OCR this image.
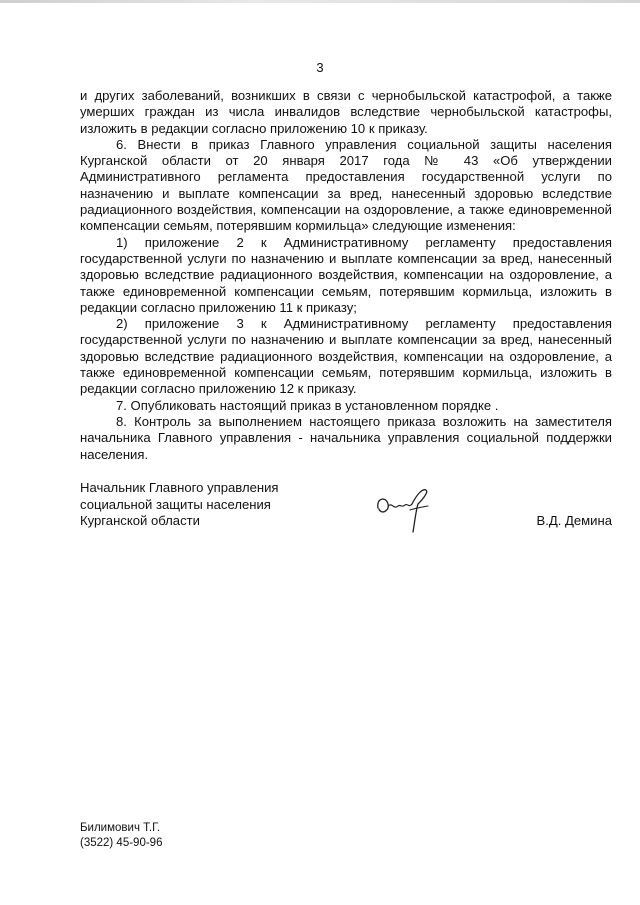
3

и других заболеваний, возникших в связи с чернобыльской катастрофой, а также умерших граждан из числа инвалидов вследствие чернобыльской катастрофы, изложить в редакции согласно приложению 10 к приказу.

6. Внести в приказ Главного управления социальной защиты населения Курганской области от 20 января 2017 года № 43 «Об утверждении Административного регламента предоставления государственной услуги по назначению и выплате компенсации за вред, нанесенный здоровью вследствие радиационного воздействия, компенсации на оздоровление, а также единовременной компенсации семьям, потерявшим кормильца» следующие изменения:

1) приложение 2 к Административному регламенту предоставления государственной услуги по назначению и выплате компенсации за вред, нанесенный здоровью вследствие радиационного воздействия, компенсации на оздоровление, а также единовременной компенсации семьям, потерявшим кормильца, изложить в редакции согласно приложению 11 к приказу;

2) приложение 3 к Административному регламенту предоставления государственной услуги по назначению и выплате компенсации за вред, нанесенный здоровью вследствие радиационного воздействия, компенсации на оздоровление, а также единовременной компенсации семьям, потерявшим кормильца, изложить в редакции согласно приложению 12 к приказу.

7. Опубликовать настоящий приказ в установленном порядке .

8. Контроль за выполнением настоящего приказа возложить на заместителя начальника Главного управления - начальника управления социальной поддержки населения.

Начальник Главного управления
социальной защиты населения
Курганской области	В.Д. Демина
Билимович Т.Г.
(3522) 45-90-96
